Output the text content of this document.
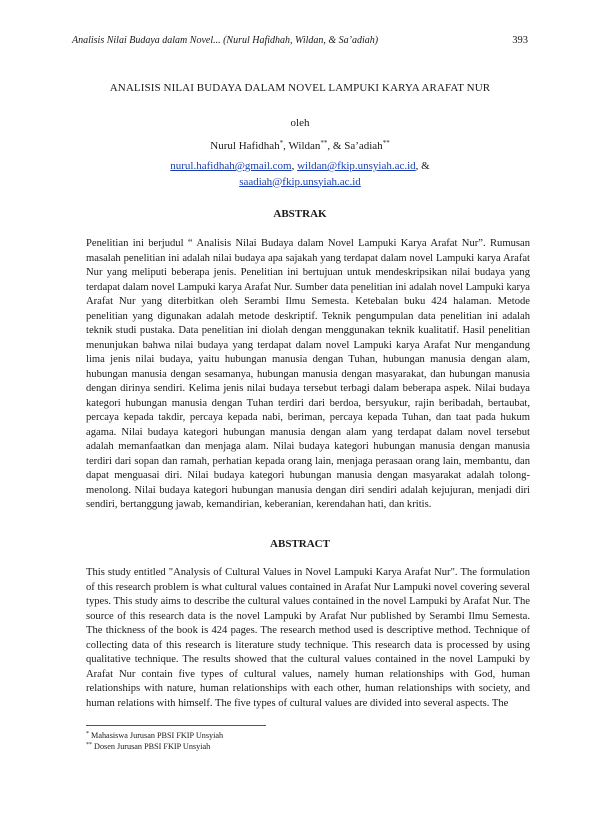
Analisis Nilai Budaya dalam Novel... (Nurul Hafidhah, Wildan, & Sa’adiah)	393
ANALISIS NILAI BUDAYA DALAM NOVEL LAMPUKI KARYA ARAFAT NUR
oleh
Nurul Hafidhah*, Wildan**, & Sa’adiah**
nurul.hafidhah@gmail.com, wildan@fkip.unsyiah.ac.id, &
saadiah@fkip.unsyiah.ac.id
ABSTRAK
Penelitian ini berjudul “ Analisis Nilai Budaya dalam Novel Lampuki Karya Arafat Nur”. Rumusan masalah penelitian ini adalah nilai budaya apa sajakah yang terdapat dalam novel Lampuki karya Arafat Nur yang meliputi beberapa jenis. Penelitian ini bertujuan untuk mendeskripsikan nilai budaya yang terdapat dalam novel Lampuki karya Arafat Nur. Sumber data penelitian ini adalah novel Lampuki karya Arafat Nur yang diterbitkan oleh Serambi Ilmu Semesta. Ketebalan buku 424 halaman. Metode penelitian yang digunakan adalah metode deskriptif. Teknik pengumpulan data penelitian ini adalah teknik studi pustaka. Data penelitian ini diolah dengan menggunakan teknik kualitatif. Hasil penelitian menunjukan bahwa nilai budaya yang terdapat dalam novel Lampuki karya Arafat Nur mengandung lima jenis nilai budaya, yaitu hubungan manusia dengan Tuhan, hubungan manusia dengan alam, hubungan manusia dengan sesamanya, hubungan manusia dengan masyarakat, dan hubungan manusia dengan dirinya sendiri. Kelima jenis nilai budaya tersebut terbagi dalam beberapa aspek. Nilai budaya kategori hubungan manusia dengan Tuhan terdiri dari berdoa, bersyukur, rajin beribadah, bertaubat, percaya kepada takdir, percaya kepada nabi, beriman, percaya kepada Tuhan, dan taat pada hukum agama. Nilai budaya kategori hubungan manusia dengan alam yang terdapat dalam novel tersebut adalah memanfaatkan dan menjaga alam. Nilai budaya kategori hubungan manusia dengan manusia terdiri dari sopan dan ramah, perhatian kepada orang lain, menjaga perasaan orang lain, membantu, dan dapat menguasai diri. Nilai budaya kategori hubungan manusia dengan masyarakat adalah tolong-menolong. Nilai budaya kategori hubungan manusia dengan diri sendiri adalah kejujuran, menjadi diri sendiri, bertanggung jawab, kemandirian, keberanian, kerendahan hati, dan kritis.
ABSTRACT
This study entitled "Analysis of Cultural Values in Novel Lampuki Karya Arafat Nur". The formulation of this research problem is what cultural values contained in Arafat Nur Lampuki novel covering several types. This study aims to describe the cultural values contained in the novel Lampuki by Arafat Nur. The source of this research data is the novel Lampuki by Arafat Nur published by Serambi Ilmu Semesta. The thickness of the book is 424 pages. The research method used is descriptive method. Technique of collecting data of this research is literature study technique. This research data is processed by using qualitative technique. The results showed that the cultural values contained in the novel Lampuki by Arafat Nur contain five types of cultural values, namely human relationships with God, human relationships with nature, human relationships with each other, human relationships with society, and human relations with himself. The five types of cultural values are divided into several aspects. The
* Mahasiswa Jurusan PBSI FKIP Unsyiah
** Dosen Jurusan PBSI FKIP Unsyiah
